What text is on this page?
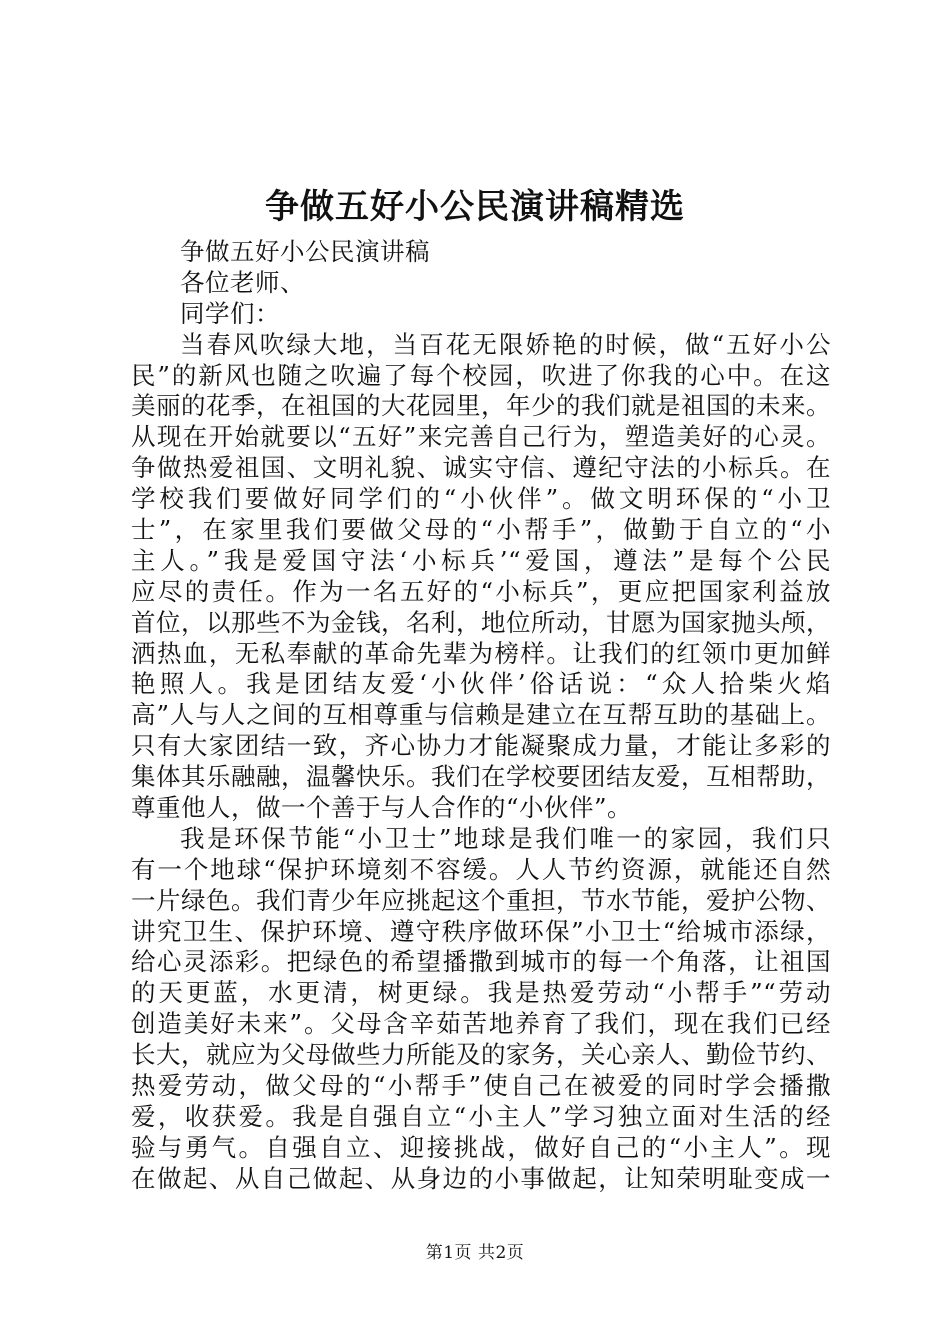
争做五好小公民演讲稿精选
争做五好小公民演讲稿
各位老师、
同学们：
当春风吹绿大地，当百花无限娇艳的时候，做“五好小公
民”的新风也随之吹遍了每个校园，吹进了你我的心中。在这
美丽的花季，在祖国的大花园里，年少的我们就是祖国的未来。
从现在开始就要以“五好”来完善自己行为，塑造美好的心灵。
争做热爱祖国、文明礼貌、诚实守信、遵纪守法的小标兵。在
学校我们要做好同学们的“小伙伴”。做文明环保的“小卫
士”，在家里我们要做父母的“小帮手”，做勤于自立的“小
主人。”我是爱国守法‘小标兵’“爱国，遵法”是每个公民
应尽的责任。作为一名五好的“小标兵”，更应把国家利益放
首位，以那些不为金钱，名利，地位所动，甘愿为国家抛头颅，
洒热血，无私奉献的革命先辈为榜样。让我们的红领巾更加鲜
艳照人。我是团结友爱‘小伙伴’俗话说：“众人拾柴火焰
高”人与人之间的互相尊重与信赖是建立在互帮互助的基础上。
只有大家团结一致，齐心协力才能凝聚成力量，才能让多彩的
集体其乐融融，温馨快乐。我们在学校要团结友爱，互相帮助，
尊重他人，做一个善于与人合作的“小伙伴”。
我是环保节能“小卫士”地球是我们唯一的家园，我们只
有一个地球“保护环境刻不容缓。人人节约资源，就能还自然
一片绿色。我们青少年应挑起这个重担，节水节能，爱护公物、
讲究卫生、保护环境、遵守秩序做环保”小卫士“给城市添绿，
给心灵添彩。把绿色的希望播撒到城市的每一个角落，让祖国
的天更蓝，水更清，树更绿。我是热爱劳动“小帮手”“劳动
创造美好未来”。父母含辛茹苦地养育了我们，现在我们已经
长大，就应为父母做些力所能及的家务，关心亲人、勤俭节约、
热爱劳动，做父母的“小帮手”使自己在被爱的同时学会播撒
爱，收获爱。我是自强自立“小主人”学习独立面对生活的经
验与勇气。自强自立、迎接挑战，做好自己的“小主人”。现
在做起、从自己做起、从身边的小事做起，让知荣明耻变成一
第1页 共2页
